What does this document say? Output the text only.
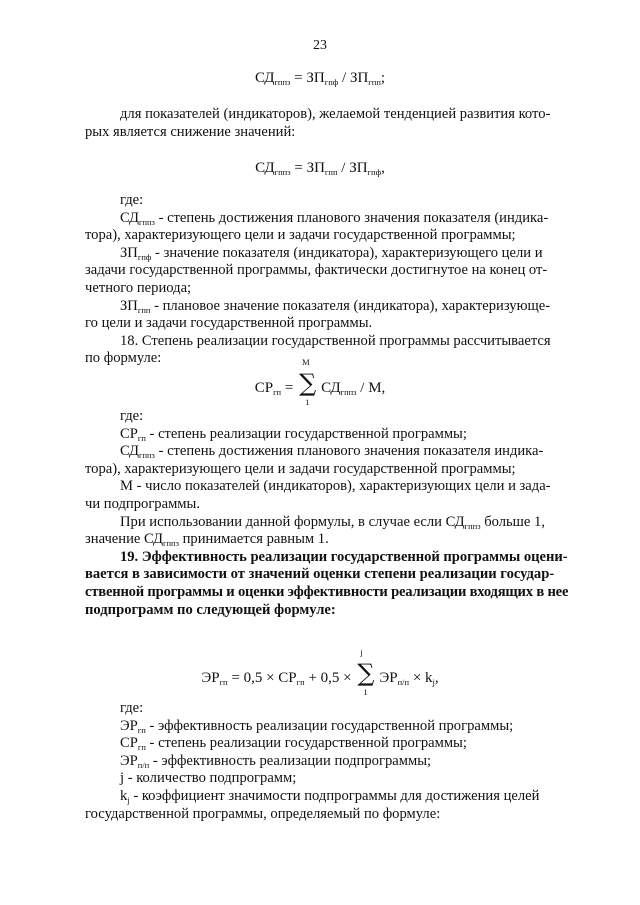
23
$СД_{гппз} = ЗП_{гпф} / ЗП_{гпп}$;
для показателей (индикаторов), желаемой тенденцией развития кото-
рых является снижение значений:
$СД_{гппз} = ЗП_{гпп} / ЗП_{гпф}$,
где:
$СД_{гппз}$ - степень достижения планового значения показателя (индика-
тора), характеризующего цели и задачи государственной программы;
$ЗП_{гпф}$ - значение показателя (индикатора), характеризующего цели и
задачи государственной программы, фактически достигнутое на конец от-
четного периода;
$ЗП_{гпп}$ - плановое значение показателя (индикатора), характеризующе-
го цели и задачи государственной программы.
18. Степень реализации государственной программы рассчитывается
по формуле:
$СР_{гп}$ =
М
∑
1
$СД_{гппз}$ / М,
где:
$СР_{гп}$ - степень реализации государственной программы;
$СД_{гппз}$ - степень достижения планового значения показателя индика-
тора), характеризующего цели и задачи государственной программы;
М - число показателей (индикаторов), характеризующих цели и зада-
чи подпрограммы.
При использовании данной формулы, в случае если $СД_{гппз}$ больше 1,
значение $СД_{гппз}$ принимается равным 1.
19. Эффективность реализации государственной программы оцени-
вается в зависимости от значений оценки степени реализации государ-
ственной программы и оценки эффективности реализации входящих в нее
подпрограмм по следующей формуле:
$ЭР_{гп} = 0,5 \times СР_{гп} + 0,5$ ×
j
∑
1
$ЭР_{п/п} \times k_j$,
где:
$ЭР_{гп}$ - эффективность реализации государственной программы;
$СР_{гп}$ - степень реализации государственной программы;
$ЭР_{п/п}$ - эффективность реализации подпрограммы;
j - количество подпрограмм;
$k_j$ - коэффициент значимости подпрограммы для достижения целей
государственной программы, определяемый по формуле:
